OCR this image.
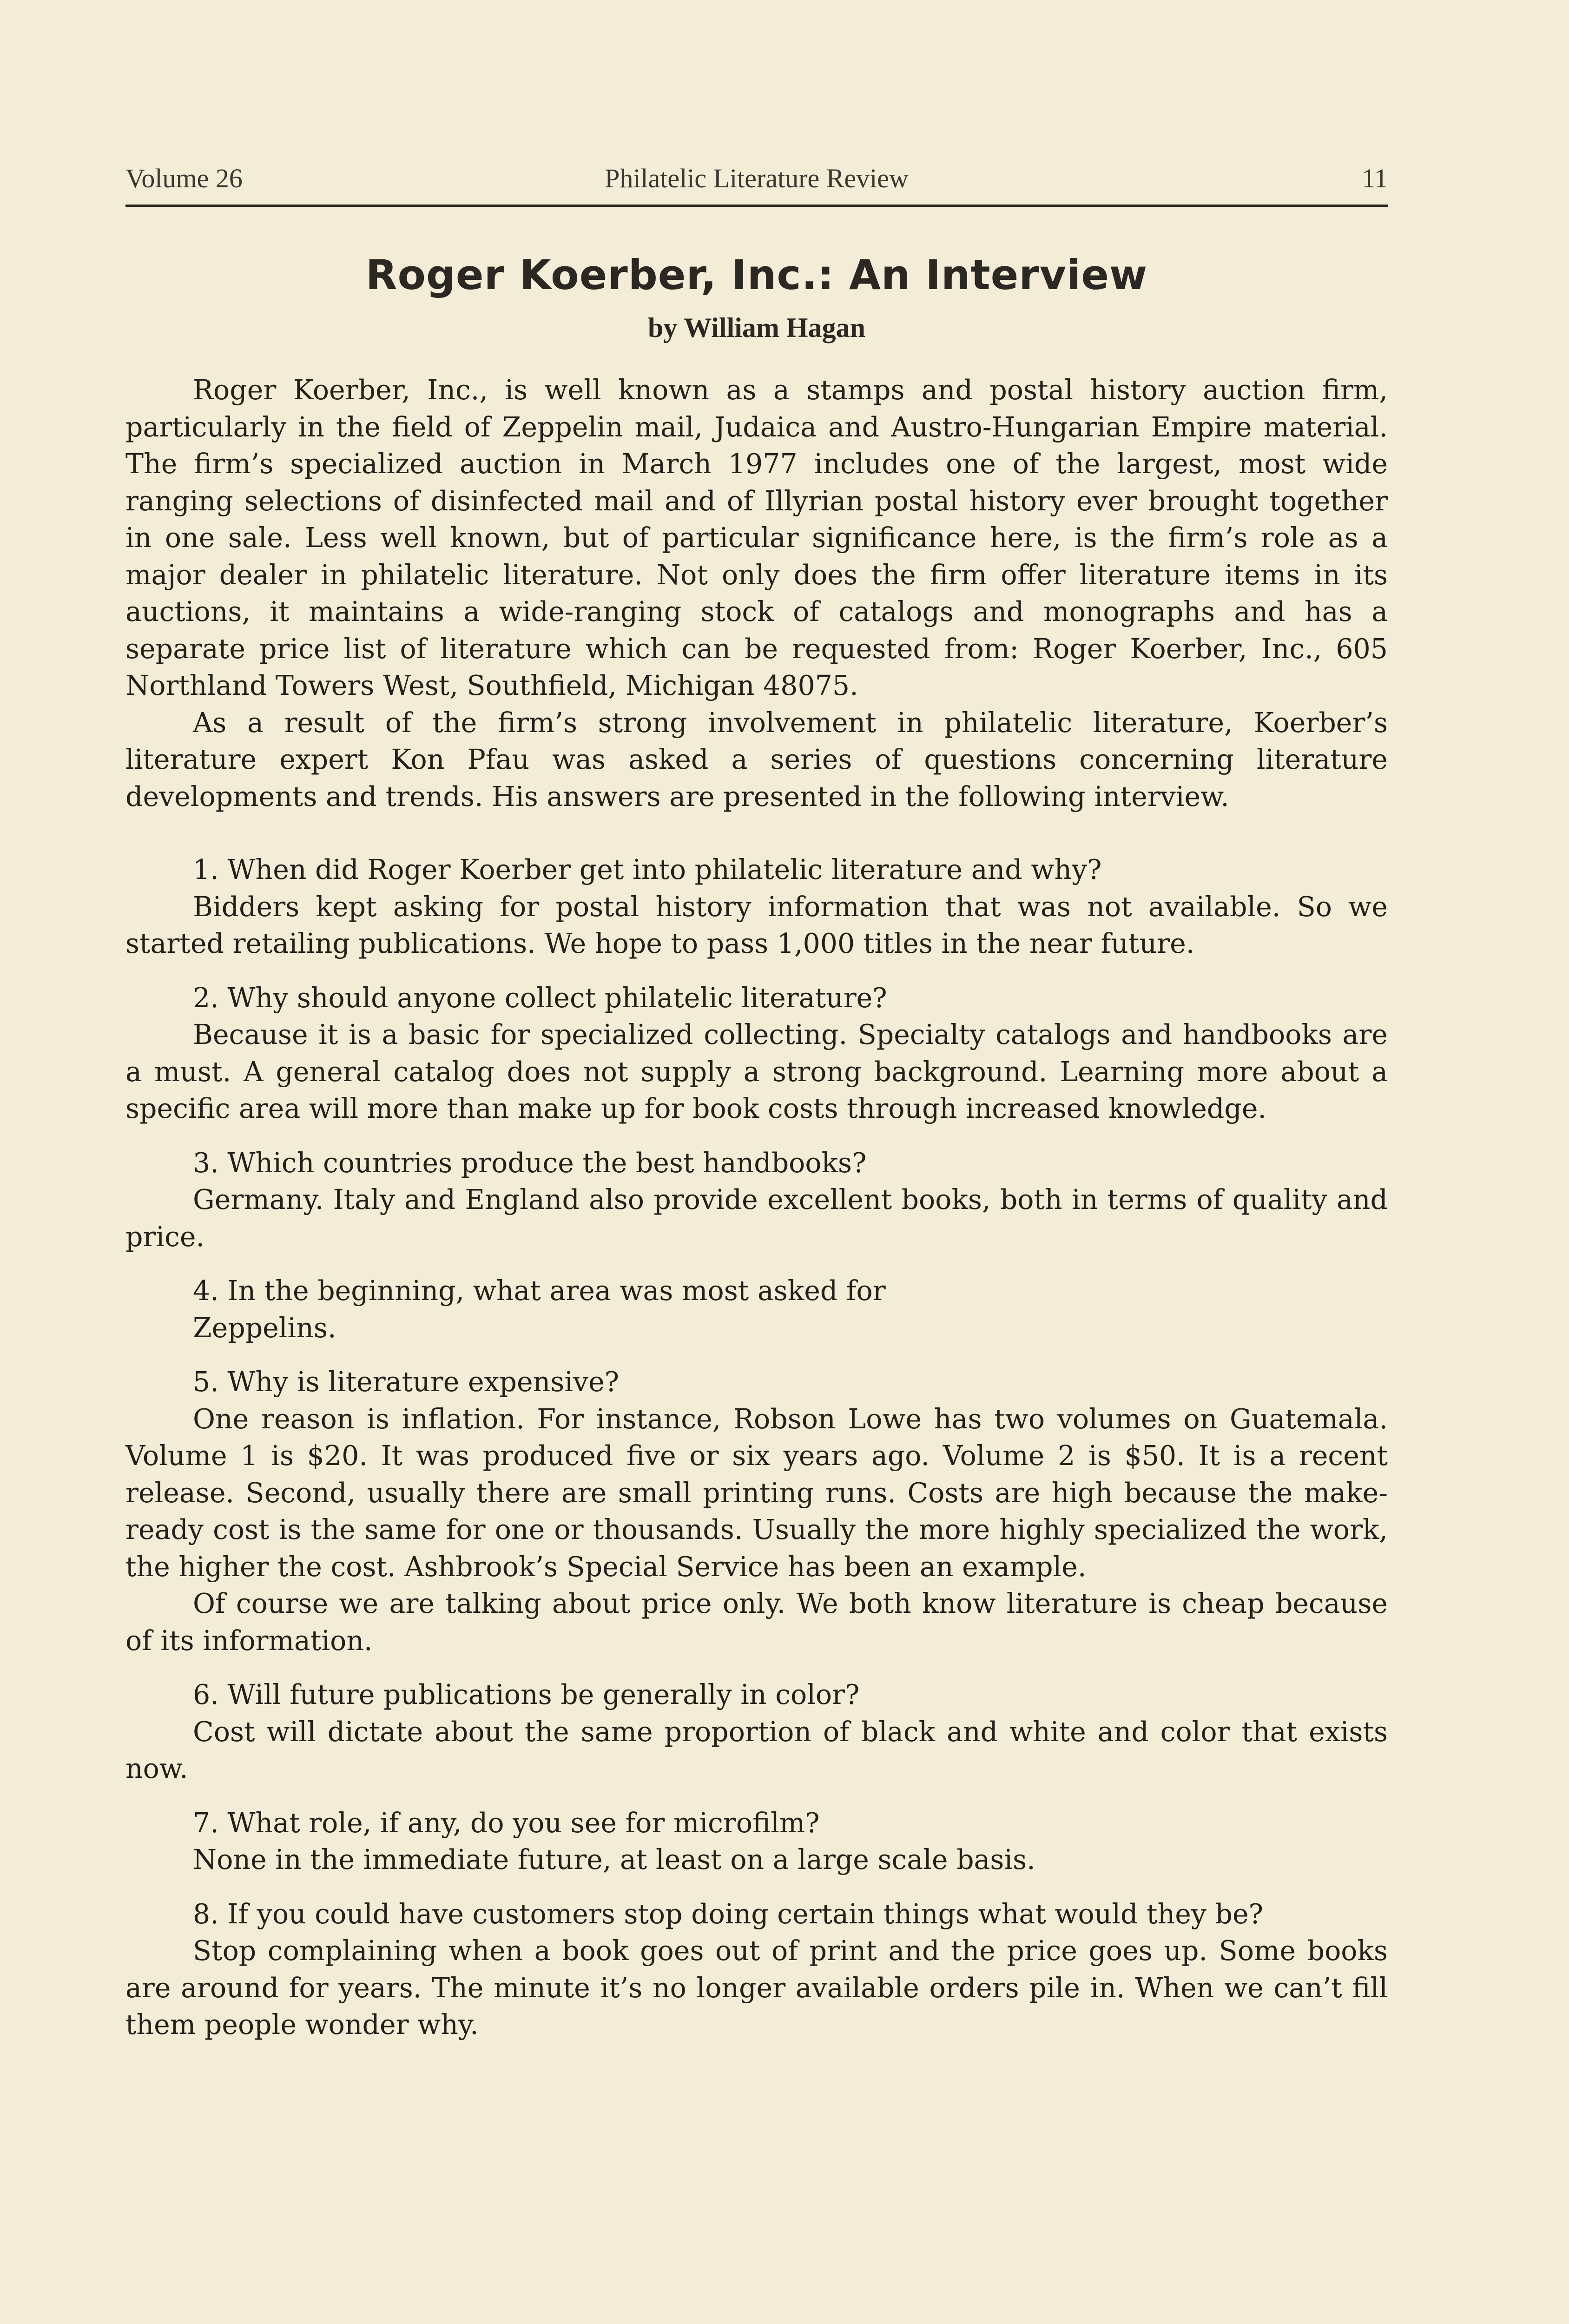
Volume 26	Philatelic Literature Review	11
Roger Koerber, Inc.: An Interview
by William Hagan

Roger Koerber, Inc., is well known as a stamps and postal history auction firm, particularly in the field of Zeppelin mail, Judaica and Austro-Hungarian Empire material. The firm’s specialized auction in March 1977 includes one of the largest, most wide ranging selections of disinfected mail and of Illyrian postal history ever brought together in one sale. Less well known, but of particular significance here, is the firm’s role as a major dealer in philatelic literature. Not only does the firm offer literature items in its auctions, it maintains a wide-ranging stock of catalogs and monographs and has a separate price list of literature which can be requested from: Roger Koerber, Inc., 605 Northland Towers West, Southfield, Michigan 48075.

As a result of the firm’s strong involvement in philatelic literature, Koerber’s literature expert Kon Pfau was asked a series of questions concerning literature developments and trends. His answers are presented in the following interview.

1. When did Roger Koerber get into philatelic literature and why?

Bidders kept asking for postal history information that was not available. So we started retailing publications. We hope to pass 1,000 titles in the near future.

2. Why should anyone collect philatelic literature?

Because it is a basic for specialized collecting. Specialty catalogs and handbooks are a must. A general catalog does not supply a strong background. Learning more about a specific area will more than make up for book costs through increased knowledge.

3. Which countries produce the best handbooks?

Germany. Italy and England also provide excellent books, both in terms of quality and price.

4. In the beginning, what area was most asked for

Zeppelins.

5. Why is literature expensive?

One reason is inflation. For instance, Robson Lowe has two volumes on Guatemala. Volume 1 is $20. It was produced five or six years ago. Volume 2 is $50. It is a recent release. Second, usually there are small printing runs. Costs are high because the make-ready cost is the same for one or thousands. Usually the more highly specialized the work, the higher the cost. Ashbrook’s Special Service has been an example.

Of course we are talking about price only. We both know literature is cheap because of its information.

6. Will future publications be generally in color?

Cost will dictate about the same proportion of black and white and color that exists now.

7. What role, if any, do you see for microfilm?

None in the immediate future, at least on a large scale basis.

8. If you could have customers stop doing certain things what would they be?

Stop complaining when a book goes out of print and the price goes up. Some books are around for years. The minute it’s no longer available orders pile in. When we can’t fill them people wonder why.
